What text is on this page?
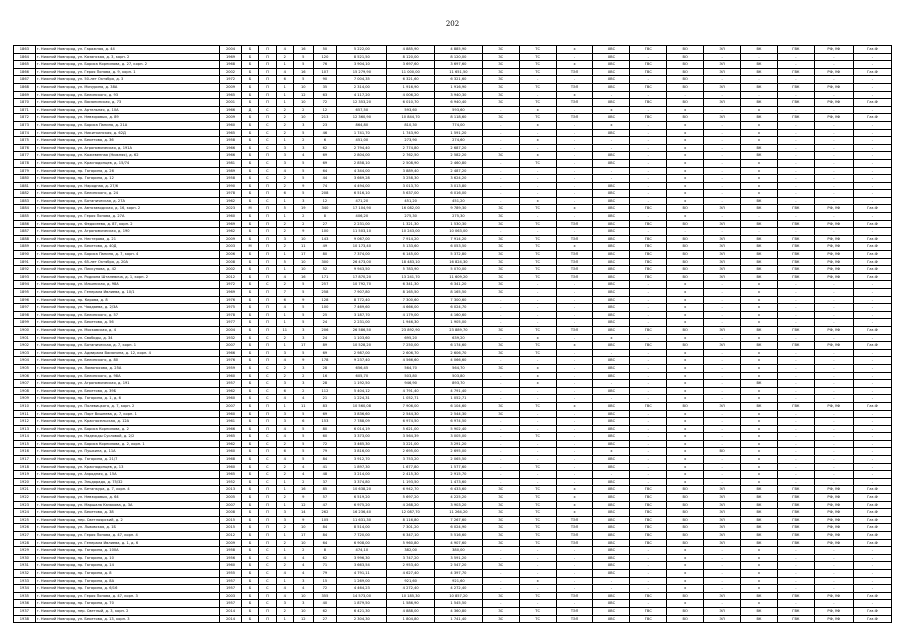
202
1863	г. Нижний Новгород, ул. Гаражная, д. 44	2004	Б	П	4	16	50	5 222,00	4 885,90	4 885,90	ЗС	ТС	х	ХВС	ГВС	ВО	ЭЛ	ВК	ГВК	РФ, УФ	Газ.Ф
1864	г. Нижний Новгород, ул. Казанская, д. 3, корп. 2	1969	Б	П	2	5	120	8 521,50	8 120,00	8 120,00	ЗС	ТС	-	ХВС	-	ВО	-	-	-	-	-
1865	г. Нижний Новгород, ул. Бориса Корнилова, д. 27, корп. 2	1968	Б	П	1	5	76	3 904,10	3 697,60	3 697,60	ЗС	ТС	х	ХВС	ГВС	ВО	ЭЛ	ВК	-	-	-
1866	г. Нижний Новгород, ул. Героя Попова, д. 9, корп. 1	2002	Б	П	4	16	107	15 279,90	11 000,00	11 651,50	ЗС	ТС	ТЭЛ	ХВС	ГВС	ВО	ЭЛ	ВК	ГВК	РФ, УФ	Газ.Ф
1867	г. Нижний Новгород, ул. 50-лет Октября, д. 3	1972	Б	П	6	5	90	7 004,35	6 321,60	6 321,60	ЗС	-	-	ХВС	-	ВО	-	-	-	-	-
1868	г. Нижний Новгород, ул. Мичурина, д. 38А	2009	Б	П	1	10	35	2 314,00	1 916,90	1 916,90	ЗС	ТС	ТЭЛ	ХВС	ГВС	ВО	ЭЛ	ВК	ГВК	РФ, УФ	-
1869	г. Нижний Новгород, ул. Белинского, д. 93	1965	Б	П	1	12	63	4 117,20	4 006,20	3 940,30	ЗС	-	х	-	-	-	-	-	-	-	-
1870	г. Нижний Новгород, ул. Васюнинская, д. 73	2001	Б	П	1	10	72	12 353,20	6 010,70	6 940,40	ЗС	ТС	ТЭЛ	ХВС	ГВС	ВО	ЭЛ	ВК	ГВК	РФ, УФ	Газ.Ф
1871	г. Нижний Новгород, ул. Артельная, д. 10А	1966	Д	С	2	2	12	657,50	593,60	593,60	-	х	-	х	-	х	-	х	-	-	-
1872	г. Нижний Новгород, ул. Невзоровых, д. 89	2009	Б	П	2	10	213	12 360,90	10 844,70	8 118,60	ЗС	ТС	ТЭЛ	ХВС	ГВС	ВО	ЭЛ	ВК	ГВК	РФ, УФ	Газ.Ф
1873	г. Нижний Новгород, ул. Бориса Панина, д. 21А	1960	Б	С	2	3	23	864,80	810,30	774,00	-	х	-	х	-	х	-	х	-	-	-
1874	г. Нижний Новгород, ул. Никиткинская, д. 62Д	1965	Б	С	2	5	46	1 741,70	1 743,90	1 591,20	-	-	-	ХВС	-	х	-	х	-	-	-
1875	г. Нижний Новгород, ул. Бекетова, д. 36	1958	Б	С	1	2	6	451,00	273,90	274,60	-	х	-	-	-	х	-	х	-	-	-
1876	г. Нижний Новгород, ул. Агрономическая, д. 191А	1966	Б	С	3	3	62	2 794,40	2 774,80	2 687,20	-	-	-	-	-	х	-	ВК	-	-	-
1877	г. Нижний Новгород, ул. Кожевенная (Нижняя), д. 62	1966	Б	П	3	4	69	2 804,00	2 762,50	2 582,20	ЗС	х	-	ХВС	-	х	-	ВК	-	-	-
1878	г. Нижний Новгород, ул. Краснодонцев, д. 15/74	1981	Б	С	3	5	69	2 858,10	2 508,90	2 460,80	-	ТС	-	ХВС	-	х	-	х	-	-	-
1879	г. Нижний Новгород, пр. Гагарина, д. 26	1989	Б	С	4	5	64	4 344,00	3 889,40	2 487,20	-	-	-	-	-	х	-	х	-	-	-
1880	г. Нижний Новгород, пр. Гагарина, д. 12	1958	Б	С	2	5	44	3 669,28	3 258,30	3 624,20	-	-	-	-	-	х	-	х	-	-	-
1881	г. Нижний Новгород, ул. Народная, д. 27/6	1990	Б	П	2	9	74	4 494,00	3 013,70	3 013,80	-	-	-	ХВС	-	х	-	х	-	-	-
1882	г. Нижний Новгород, ул. Белинского, д. 24	1978	Б	П	6	5	208	6 516,10	5 637,00	6 016,00	-	-	-	ХВС	-	х	-	х	-	-	-
1883	г. Нижний Новгород, ул. Ботаническая, д. 27А	1962	Б	С	1	3	12	471,20	451,20	451,20	-	х	-	ХВС	-	х	-	ВК	-	-	-
1884	г. Нижний Новгород, ул. Автозаводская, д. 16, корп. 2	2023	М	П	5	19	340	17 104,90	16 082,00	9 789,30	ЗС	ТС	х	ХВС	ГВС	ВО	ЭЛ	ВК	ГВК	РФ, УФ	Газ.Ф
1885	г. Нижний Новгород, ул. Героя Попова, д. 27А	1960	Б	П	1	2	8	406,20	275,30	275,30	ЗС	-	-	ХВС	-	х	-	-	-	-	-
1886	г. Нижний Новгород, ул. Федосеева, д. 87, корп. 2	1969	Б	П	2	2	27	2 231,00	1 321,30	1 530,30	ЗС	ТС	ТЭЛ	ХВС	ГВС	ВО	ЭЛ	ВК	ГВК	РФ, УФ	Газ.Ф
1887	г. Нижний Новгород, ул. Агрономическая, д. 190	1962	Б	П	2	9	100	11 503,10	10 243,00	10 063,00	-	-	-	ХВС	-	-	-	-	-	-	-
1888	г. Нижний Новгород, ул. Нестерова, д. 21	2009	Б	П	3	10	143	9 067,00	7 914,20	7 914,20	ЗС	ТС	ТЭЛ	ХВС	ГВС	ВО	ЭЛ	ВК	ГВК	РФ, УФ	Газ.Ф
1889	г. Нижний Новгород, ул. Бекетова, д. 40Д	2003	М	П	2	11	49	10 173,40	5 133,60	6 053,50	ЗС	ТС	х	ХВС	ГВС	ВО	ЭЛ	ВК	ГВК	РФ, УФ	Газ.Ф
1890	г. Нижний Новгород, ул. Бориса Панина, д. 7, корп. 4	2006	Б	П	1	17	80	7 374,00	6 145,00	5 372,80	ЗС	ТС	ТЭЛ	ХВС	ГВС	ВО	ЭЛ	ВК	ГВК	РФ, УФ	Газ.Ф
1891	г. Нижний Новгород, ул. 65-лет Октября, д. 20А	2008	Б	П	5	10	300	26 473,00	18 483,10	16 824,30	ЗС	ТС	ТЭЛ	ХВС	ГВС	ВО	ЭЛ	ВК	ГВК	РФ, УФ	Газ.Ф
1892	г. Нижний Новгород, ул. Пискунова, д. 42	2002	Б	П	1	10	52	9 943,50	5 783,90	5 070,00	ЗС	ТС	ТЭЛ	ХВС	ГВС	ВО	ЭЛ	ВК	ГВК	РФ, УФ	Газ.Ф
1893	г. Нижний Новгород, ул. Родиона Шталевича, д. 1, корп. 2	2012	Б	П	4	16	171	17 870,20	13 241,70	11 609,20	ЗС	ТС	ТЭЛ	ХВС	ГВС	ВО	ЭЛ	ВК	ГВК	РФ, УФ	Газ.Ф
1894	г. Нижний Новгород, ул. Ильинская, д. 98А	1972	Б	С	2	5	257	10 792,70	6 341,30	6 341,20	ЗС	-	-	ХВС	-	х	-	х	-	-	-
1895	г. Нижний Новгород, ул. Генерала Ивлиева, д. 10/1	1969	Б	П	7	5	258	7 907,80	8 165,50	8 165,50	ЗС	-	-	ХВС	-	х	-	х	-	-	-
1896	г. Нижний Новгород, пр. Кирова, д. 8	1976	Б	П	6	9	128	8 772,40	7 300,60	7 300,60	-	-	-	ХВС	-	х	-	х	-	-	-
1897	г. Нижний Новгород, ул. Чаадаева, д. 2/3А	1975	Б	П	4	5	100	7 469,60	4 666,00	6 024,70	-	-	-	ХВС	-	х	-	х	-	-	-
1898	г. Нижний Новгород, ул. Белинского, д. 57	1978	Б	П	1	5	25	3 187,70	4 179,00	4 160,60	-	-	-	ХВС	-	х	-	х	-	-	-
1899	г. Нижний Новгород, ул. Бекетова, д. 56	1977	Б	П	1	5	24	2 231,00	1 946,30	1 905,00	-	-	-	ХВС	-	х	-	х	-	-	-
1900	г. Нижний Новгород, ул. Московская, д. 4	2004	Б	П	11	3	206	26 586,50	23 892,90	23 889,70	ЗС	ТС	ТЭЛ	ХВС	ГВС	ВО	ЭЛ	ВК	ГВК	РФ, УФ	Газ.Ф
1901	г. Нижний Новгород, ул. Свободы, д. 34	1932	Б	С	2	3	24	1 103,60	695,20	639,20	-	х	-	х	-	х	-	х	-	-	-
1902	г. Нижний Новгород, ул. Ботаническая, д. 7, корп. 1	2007	Б	П	1	17	89	10 528,20	7 250,00	6 174,60	ЗС	ТС	х	ХВС	ГВС	ВО	ЭЛ	ВК	ГВК	РФ, УФ	Газ.Ф
1903	г. Нижний Новгород, ул. Адмирала Васюнина, д. 12, корп. 4	1966	Б	П	3	5	69	2 987,00	2 606,70	2 606,70	ЗС	ТС	-	-	-	х	-	х	-	-	-
1904	г. Нижний Новгород, ул. Белинского, д. 80	1976	Б	П	4	9	178	9 237,40	4 566,60	4 066,60	-	-	-	ХВС	-	х	-	х	-	-	-
1905	г. Нижний Новгород, ул. Ломоносова, д. 25А	1959	Б	С	2	3	28	656,45	564,70	564,70	ЗС	х	-	ХВС	-	х	-	х	-	-	-
1906	г. Нижний Новгород, ул. Белинского, д. 98А	1960	Б	С	2	2	16	605,70	503,80	503,80	-	х	-	ХВС	-	х	-	х	-	-	-
1907	г. Нижний Новгород, ул. Агрономическая, д. 191	1957	Б	С	3	3	28	1 192,50	946,90	893,70	-	х	-	-	-	х	-	ВК	-	-	-
1908	г. Нижний Новгород, ул. Бекетова, д. 39Б	1962	Б	С	6	2	112	5 404,12	4 791,40	4 791,40	-	-	-	ХВС	-	х	-	х	-	-	-
1909	г. Нижний Новгород, пр. Гагарина, д. 1, д. 6	1960	Б	С	4	4	21	1 224,31	1 052,71	1 052,71	-	-	-	-	-	х	-	х	-	-	-
1910	г. Нижний Новгород, ул. Полевицкого, д. 7, корп. 2	2007	Б	П	1	11	83	10 560,08	7 906,00	6 104,60	ЗС	ТС	х	ХВС	ГВС	ВО	ЭЛ	ВК	ГВК	РФ, УФ	Газ.Ф
1911	г. Нижний Новгород, ул. Порт Вишнева, д. 7, корп. 1	1960	Б	П	3	5	69	3 836,60	2 544,30	2 544,30	ЗС	-	-	ХВС	-	х	-	х	-	-	-
1912	г. Нижний Новгород, ул. Красносельская, д. 12А	1961	Б	П	3	6	153	7 788,09	6 974,50	6 974,50	-	-	-	ХВС	-	х	-	х	-	-	-
1913	г. Нижний Новгород, ул. Бориса Корнилова, д. 2	1966	Б	П	4	5	80	6 014,19	5 621,00	5 902,40	-	-	-	ХВС	-	х	-	х	-	-	-
1914	г. Нижний Новгород, ул. Надежды Сусловой, д. 2/2	1965	Б	С	4	5	60	3 373,00	3 564,39	3 005,00	-	ТС	-	ХВС	-	х	-	х	-	-	-
1915	г. Нижний Новгород, ул. Бориса Корнилова, д. 2, корп. 1	1962	Б	С	2	5	72	3 465,30	3 221,00	3 291,20	-	-	-	ХВС	-	х	-	х	-	-	-
1916	г. Нижний Новгород, ул. Пушкина, д. 11А	1960	Б	П	6	5	79	3 816,00	2 695,00	2 695,00	-	-	-	х	-	х	ВО	х	-	-	-
1917	г. Нижний Новгород, пр. Гагарина, д. 21/7	1968	Б	С	4	5	84	3 912,70	3 753,20	2 065,50	-	-	-	ХВС	-	х	-	х	-	-	-
1918	г. Нижний Новгород, ул. Краснодонцев, д. 13	1960	Б	С	2	4	41	1 897,30	1 677,80	1 577,60	-	ТС	-	ХВС	-	х	-	х	-	-	-
1919	г. Нижний Новгород, ул. Аэродная, д. 15А	1965	Б	С	2	4	48	3 214,00	2 415,30	2 915,70	-	-	-	-	-	х	-	х	-	-	-
1920	г. Нижний Новгород, ул. Эльдорадо, д. 75/32	1952	Б	С	1	2	37	3 374,80	1 193,50	1 473,60	-	-	-	ХВС	-	х	-	х	-	-	-
1921	г. Нижний Новгород, ул. Бетанкура, д. 7, корп. 4	2013	Б	П	1	16	85	10 638,20	6 942,70	6 433,60	ЗС	ТС	х	ХВС	ГВС	ВО	ЭЛ	ВК	ГВК	РФ, УФ	Газ.Ф
1922	г. Нижний Новгород, ул. Невзоровых, д. 64	2005	Б	П	2	9	57	6 519,20	5 697,20	4 225,20	ЗС	ТС	х	ХВС	ГВС	ВО	ЭЛ	ВК	ГВК	РФ, УФ	Газ.Ф
1923	г. Нижний Новгород, ул. Маршала Казакова, д. 3А	2007	Б	П	1	12	47	6 975,20	4 268,20	3 903,20	ЗС	ТС	х	ХВС	ГВС	ВО	ЭЛ	ВК	ГВК	РФ, УФ	Газ.Ф
1924	г. Нижний Новгород, ул. Бекетова, д. 38	2008	Б	П	3	14	262	16 236,40	12 087,70	11 264,20	ЗС	ТС	х	ХВС	ГВС	ВО	ЭЛ	ВК	ГВК	РФ, УФ	Газ.Ф
1925	г. Нижний Новгород, пер. Светлоярский, д. 2	2015	Б	П	3	9	105	11 631,30	8 116,80	7 267,60	ЗС	ТС	ТЭЛ	ХВС	ГВС	ВО	ЭЛ	ВК	ГВК	РФ, УФ	Газ.Ф
1926	г. Нижний Новгород, ул. Львовская, д. 1Б	2015	Б	П	2	10	84	8 514,00	7 301,20	6 024,90	ЗС	ТС	ТЭЛ	ХВС	ГВС	ВО	ЭЛ	ВК	ГВК	РФ, УФ	Газ.Ф
1927	г. Нижний Новгород, ул. Героя Попова, д. 47, корп. 4	2012	Б	П	1	17	84	7 720,00	6 347,10	5 516,60	ЗС	ТС	ТЭЛ	ХВС	ГВС	ВО	ЭЛ	ВК	ГВК	РФ, УФ	Газ.Ф
1928	г. Нижний Новгород, ул. Генерала Ивлиева, д. 1, д. 6	2009	Б	П	2	10	64	6 908,00	5 960,80	4 907,60	ЗС	ТС	ТЭЛ	ХВС	ГВС	ВО	ЭЛ	ВК	ГВК	РФ, УФ	Газ.Ф
1929	г. Нижний Новгород, пр. Гагарина, д. 100А	1958	Б	С	1	2	8	474,10	382,00	380,00	-	-	-	ХВС	-	х	-	х	-	-	-
1930	г. Нижний Новгород, пр. Гагарина, д. 10	1956	Б	С	4	4	62	3 996,30	3 747,20	3 591,20	-	-	-	ХВС	-	х	-	х	-	-	-
1931	г. Нижний Новгород, пр. Гагарина, д. 14	1960	Б	С	2	4	71	3 663,54	2 953,40	2 547,20	ЗС	-	-	ХВС	-	х	-	х	-	-	-
1932	г. Нижний Новгород, пр. Гагарина, д. 8	1955	Б	С	4	4	79	4 791,11	4 627,40	4 397,70	-	-	-	ХВС	-	х	-	х	-	-	-
1933	г. Нижний Новгород, пр. Гагарина, д. 8А	1957	Б	С	1	3	15	1 269,00	921,60	921,60	-	х	-	-	-	х	-	х	-	-	-
1934	г. Нижний Новгород, пр. Гагарина, д. 6/16	1957	Б	С	4	4	72	4 464,23	4 272,40	4 272,40	-	-	-	-	-	х	-	х	-	-	-
1935	г. Нижний Новгород, ул. Героя Попова, д. 47, корп. 3	2003	Б	П	4	10	355	14 573,00	10 185,30	10 857,20	ЗС	ТС	ТЭЛ	ХВС	ГВС	ВО	ЭЛ	ВК	ГВК	РФ, УФ	Газ.Ф
1936	г. Нижний Новгород, пр. Гагарина, д. 70	1957	Б	С	3	3	40	1 879,50	1 586,90	1 545,50	-	-	-	ХВС	-	х	-	х	-	-	-
1937	г. Нижний Новгород, пер. Светлый, д. 3, корп. 2	2014	Б	П	2	10	62	6 421,30	4 888,00	4 360,80	ЗС	ТС	ТЭЛ	ХВС	ГВС	ВО	ЭЛ	ВК	ГВК	РФ, УФ	Газ.Ф
1938	г. Нижний Новгород, ул. Бекетова, д. 13, корп. 3	2014	Б	П	1	12	27	2 304,30	1 804,80	1 741,40	ЗС	ТС	ТЭЛ	ХВС	ГВС	ВО	ЭЛ	ВК	ГВК	РФ, УФ	Газ.Ф
